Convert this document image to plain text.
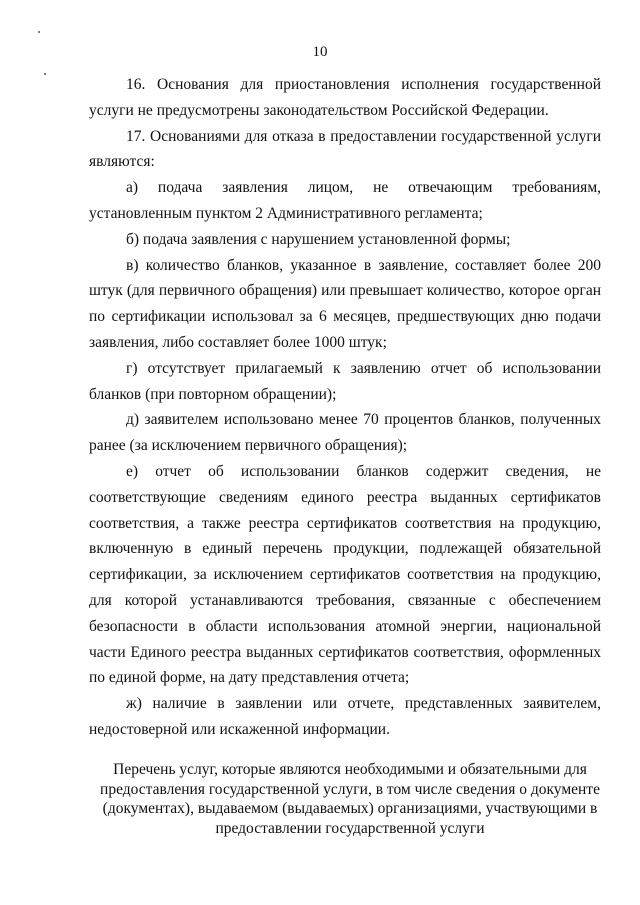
10

16. Основания для приостановления исполнения государственной услуги не предусмотрены законодательством Российской Федерации.

17. Основаниями для отказа в предоставлении государственной услуги являются:

а) подача заявления лицом, не отвечающим требованиям, установленным пунктом 2 Административного регламента;

б) подача заявления с нарушением установленной формы;

в) количество бланков, указанное в заявление, составляет более 200 штук (для первичного обращения) или превышает количество, которое орган по сертификации использовал за 6 месяцев, предшествующих дню подачи заявления, либо составляет более 1000 штук;

г) отсутствует прилагаемый к заявлению отчет об использовании бланков (при повторном обращении);

д) заявителем использовано менее 70 процентов бланков, полученных ранее (за исключением первичного обращения);

е) отчет об использовании бланков содержит сведения, не соответствующие сведениям единого реестра выданных сертификатов соответствия, а также реестра сертификатов соответствия на продукцию, включенную в единый перечень продукции, подлежащей обязательной сертификации, за исключением сертификатов соответствия на продукцию, для которой устанавливаются требования, связанные с обеспечением безопасности в области использования атомной энергии, национальной части Единого реестра выданных сертификатов соответствия, оформленных по единой форме, на дату представления отчета;

ж) наличие в заявлении или отчете, представленных заявителем, недостоверной или искаженной информации.

Перечень услуг, которые являются необходимыми и обязательными для предоставления государственной услуги, в том числе сведения о документе (документах), выдаваемом (выдаваемых) организациями, участвующими в предоставлении государственной услуги
